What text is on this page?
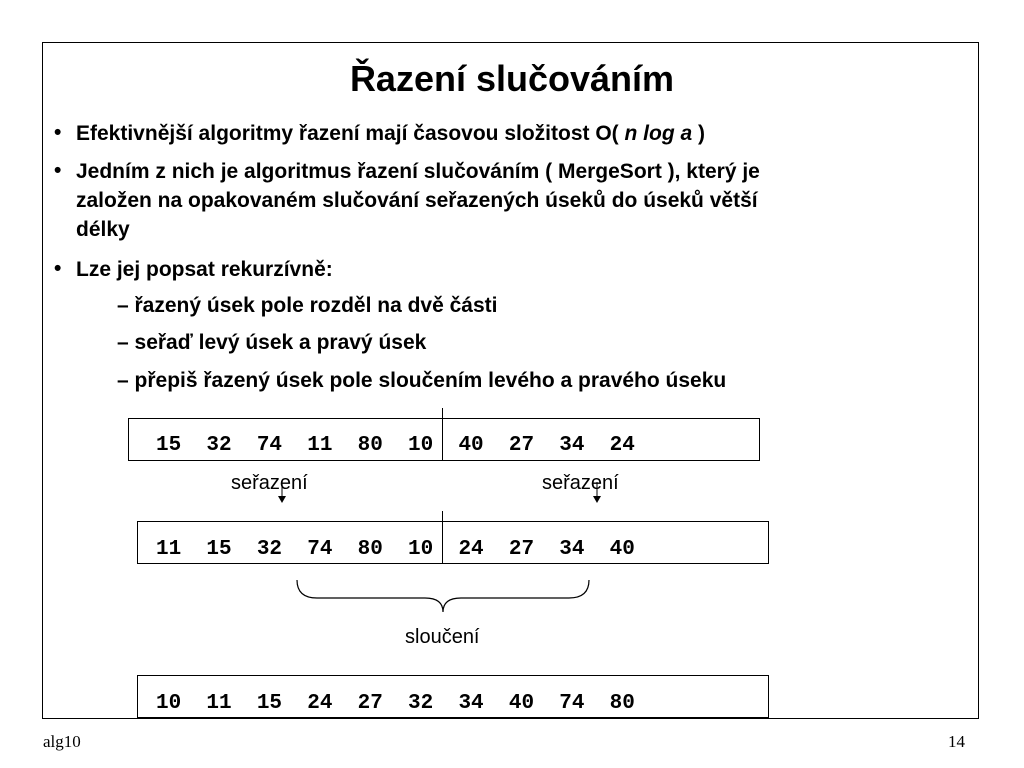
Řazení slučováním
• Efektivnější algoritmy řazení mají časovou složitost O( n log a )
• Jedním z nich je algoritmus řazení slučováním ( MergeSort ), který je
založen na opakovaném slučování seřazených úseků do úseků větší
délky
• Lze jej popsat rekurzívně:
– řazený úsek pole rozděl na dvě části
– seřaď levý úsek a pravý úsek
– přepiš řazený úsek pole sloučením levého a pravého úseku
15  32  74  11  80  10  40  27  34  24
seřazení	seřazení
11  15  32  74  80  10  24  27  34  40
sloučení
10  11  15  24  27  32  34  40  74  80
alg10	14
